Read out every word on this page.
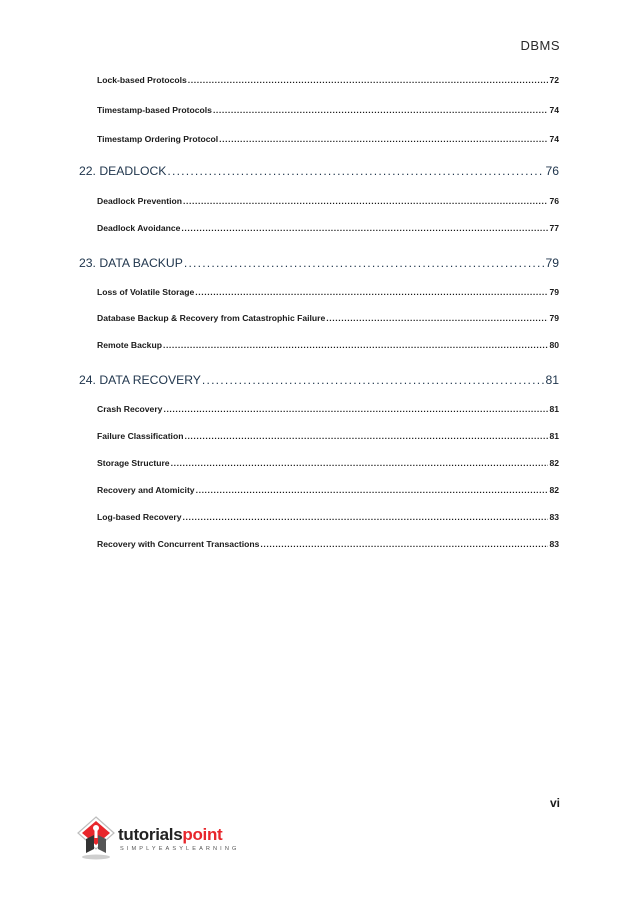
DBMS
Lock-based Protocols .....	72
Timestamp-based Protocols .....	74
Timestamp Ordering Protocol .....	74
22. DEADLOCK .....	76
Deadlock Prevention .....	76
Deadlock Avoidance .....	77
23. DATA BACKUP .....	79
Loss of Volatile Storage .....	79
Database Backup & Recovery from Catastrophic Failure .....	79
Remote Backup .....	80
24. DATA RECOVERY .....	81
Crash Recovery .....	81
Failure Classification .....	81
Storage Structure .....	82
Recovery and Atomicity .....	82
Log-based Recovery .....	83
Recovery with Concurrent Transactions .....	83
vi
tutorialspoint
SIMPLYEASYLEARNING
